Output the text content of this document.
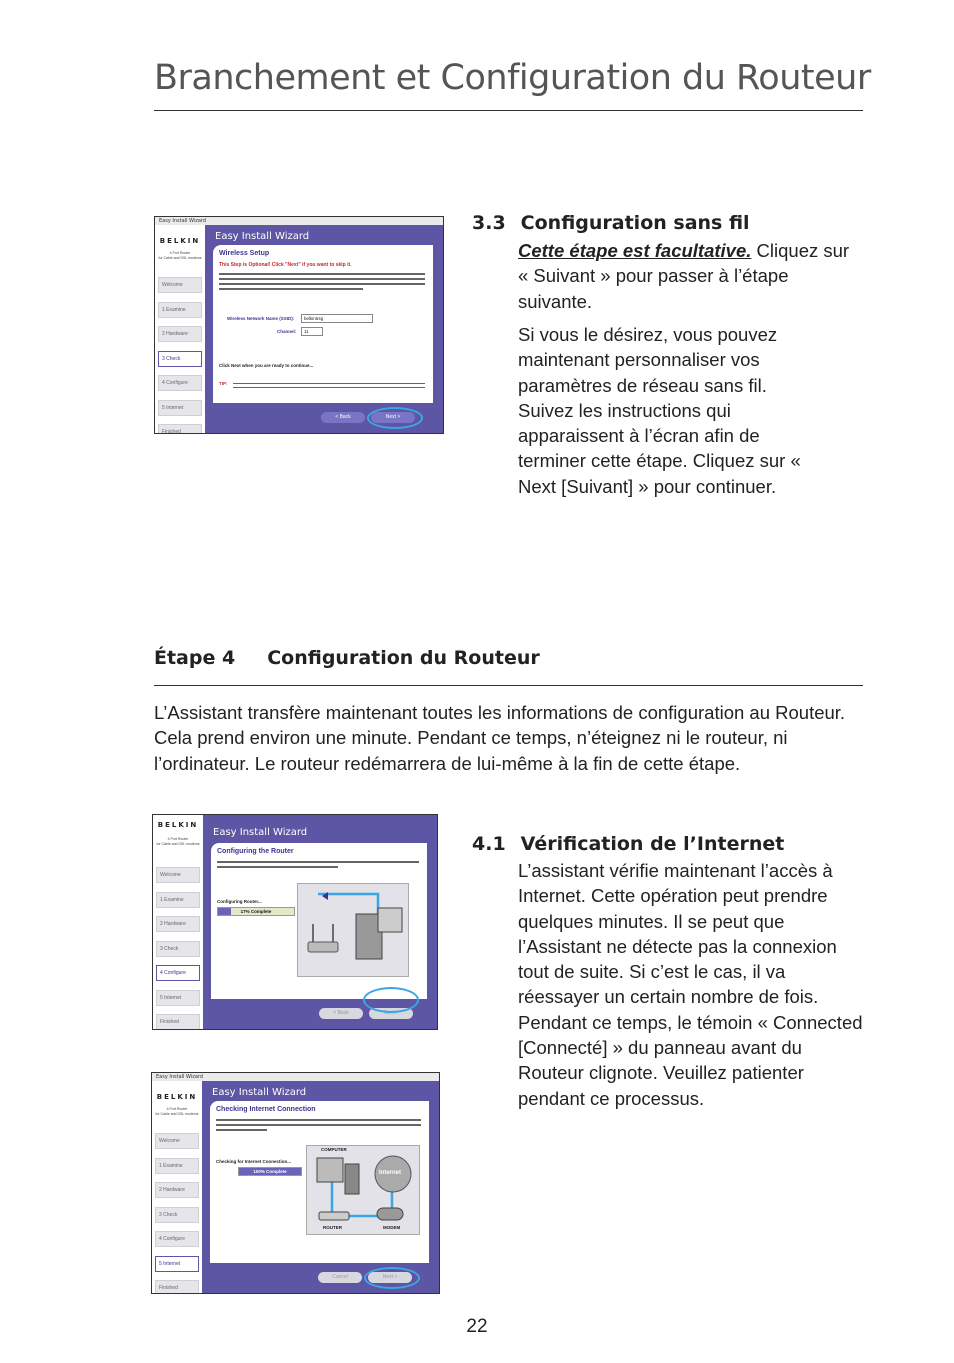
Branchement et Configuration du Routeur
Easy Install Wizard
BELKIN
4 Port Router
for Cable and DSL modems
Welcome
1 Examine
2 Hardware
3 Check
4 Configure
5 Internet
Finished
Easy Install Wizard
Wireless Setup
This Step is Optional! Click "Next" if you want to skip it.
Wireless Network Name (SSID):	belkin54g
Channel:	11
Click Next when you are ready to continue...
TIP:
< Back	Next >
3.3 Configuration sans fil
Cette étape est facultative. Cliquez sur « Suivant » pour passer à l’étape suivante.
Si vous le désirez, vous pouvez maintenant personnaliser vos paramètres de réseau sans fil. Suivez les instructions qui apparaissent à l’écran afin de terminer cette étape. Cliquez sur « Next [Suivant] » pour continuer.
Étape 4 Configuration du Routeur
L’Assistant transfère maintenant toutes les informations de configuration au Routeur. Cela prend environ une minute. Pendant ce temps, n’éteignez ni le routeur, ni l’ordinateur. Le routeur redémarrera de lui-même à la fin de cette étape.
BELKIN
4 Port Router
for Cable and DSL modems
Welcome
1 Examine
2 Hardware
3 Check
4 Configure
5 Internet
Finished
Easy Install Wizard
Configuring the Router
Configuring Router...
17% Complete
< Back	Next >
Easy Install Wizard
BELKIN
4 Port Router
for Cable and DSL modems
Welcome
1 Examine
2 Hardware
3 Check
4 Configure
5 Internet
Finished
Easy Install Wizard
Checking Internet Connection
Checking for Internet Connection...
100% Complete
COMPUTER
Internet
ROUTER	MODEM
Cancel	Next >
4.1 Vérification de l’Internet
L’assistant vérifie maintenant l’accès à Internet. Cette opération peut prendre quelques minutes. Il se peut que l’Assistant ne détecte pas la connexion tout de suite. Si c’est le cas, il va réessayer un certain nombre de fois. Pendant ce temps, le témoin « Connected [Connecté] » du panneau avant du Routeur clignote. Veuillez patienter pendant ce processus.
22
